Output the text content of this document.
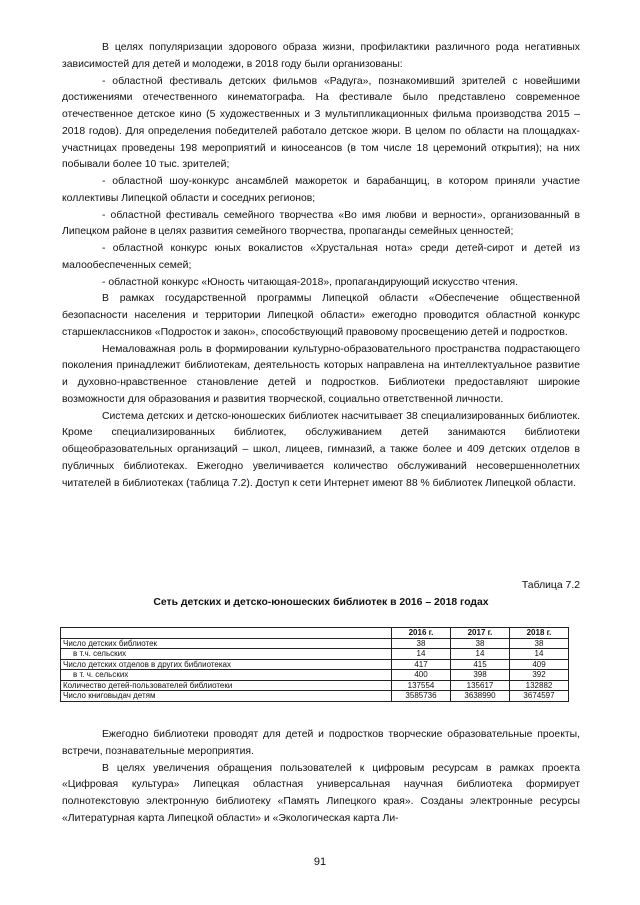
В целях популяризации здорового образа жизни, профилактики различного рода негативных зависимостей для детей и молодежи, в 2018 году были организованы:

- областной фестиваль детских фильмов «Радуга», познакомивший зрителей с новейшими достижениями отечественного кинематографа. На фестивале было представлено современное отечественное детское кино (5 художественных и 3 мультипликационных фильма производства 2015 – 2018 годов). Для определения победителей работало детское жюри. В целом по области на площадках-участницах проведены 198 мероприятий и киносеансов (в том числе 18 церемоний открытия); на них побывали более 10 тыс. зрителей;

- областной шоу-конкурс ансамблей мажореток и барабанщиц, в котором приняли участие коллективы Липецкой области и соседних регионов;

- областной фестиваль семейного творчества «Во имя любви и верности», организованный в Липецком районе в целях развития семейного творчества, пропаганды семейных ценностей;

- областной конкурс юных вокалистов «Хрустальная нота» среди детей-сирот и детей из малообеспеченных семей;

- областной конкурс «Юность читающая-2018», пропагандирующий искусство чтения.

В рамках государственной программы Липецкой области «Обеспечение общественной безопасности населения и территории Липецкой области» ежегодно проводится областной конкурс старшеклассников «Подросток и закон», способствующий правовому просвещению детей и подростков.

Немаловажная роль в формировании культурно-образовательного пространства подрастающего поколения принадлежит библиотекам, деятельность которых направлена на интеллектуальное развитие и духовно-нравственное становление детей и подростков. Библиотеки предоставляют широкие возможности для образования и развития творческой, социально ответственной личности.

Система детских и детско-юношеских библиотек насчитывает 38 специализированных библиотек. Кроме специализированных библиотек, обслуживанием детей занимаются библиотеки общеобразовательных организаций – школ, лицеев, гимназий, а также более и 409 детских отделов в публичных библиотеках. Ежегодно увеличивается количество обслуживаний несовершеннолетних читателей в библиотеках (таблица 7.2). Доступ к сети Интернет имеют 88 % библиотек Липецкой области.

Таблица 7.2
Сеть детских и детско-юношеских библиотек в 2016 – 2018 годах
	2016 г.	2017 г.	2018 г.
Число детских библиотек	38	38	38
в т.ч. сельских	14	14	14
Число детских отделов в других библиотеках	417	415	409
в т. ч. сельских	400	398	392
Количество детей-пользователей библиотеки	137554	135617	132882
Число книговыдач детям	3585736	3638990	3674597

Ежегодно библиотеки проводят для детей и подростков творческие образовательные проекты, встречи, познавательные мероприятия.

В целях увеличения обращения пользователей к цифровым ресурсам в рамках проекта «Цифровая культура» Липецкая областная универсальная научная библиотека формирует полнотекстовую электронную библиотеку «Память Липецкого края». Созданы электронные ресурсы «Литературная карта Липецкой области» и «Экологическая карта Ли-

91
